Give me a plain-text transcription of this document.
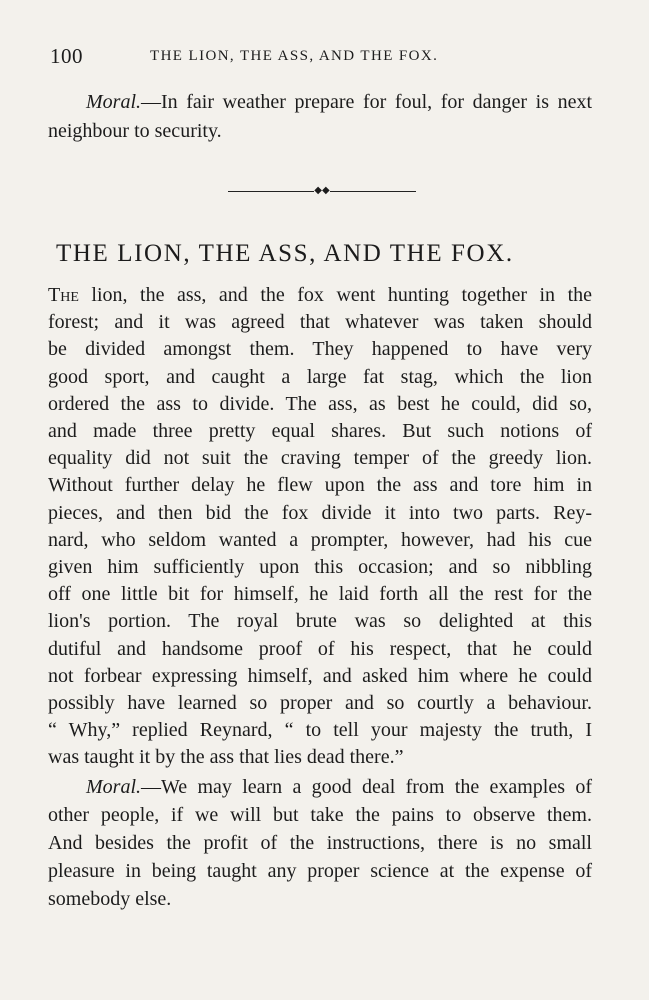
100	THE LION, THE ASS, AND THE FOX.

Moral.—In fair weather prepare for foul, for danger is next neighbour to security.

◆◆
THE LION, THE ASS, AND THE FOX.
The lion, the ass, and the fox went hunting together in the
forest; and it was agreed that whatever was taken should
be divided amongst them. They happened to have very
good sport, and caught a large fat stag, which the lion
ordered the ass to divide. The ass, as best he could, did so,
and made three pretty equal shares. But such notions of
equality did not suit the craving temper of the greedy lion.
Without further delay he flew upon the ass and tore him in
pieces, and then bid the fox divide it into two parts. Rey-
nard, who seldom wanted a prompter, however, had his cue
given him sufficiently upon this occasion; and so nibbling
off one little bit for himself, he laid forth all the rest for the
lion's portion. The royal brute was so delighted at this
dutiful and handsome proof of his respect, that he could
not forbear expressing himself, and asked him where he could
possibly have learned so proper and so courtly a behaviour.
“ Why,” replied Reynard, “ to tell your majesty the truth, I
was taught it by the ass that lies dead there.”
Moral.—We may learn a good deal from the examples of
other people, if we will but take the pains to observe them.
And besides the profit of the instructions, there is no small
pleasure in being taught any proper science at the expense of
somebody else.
